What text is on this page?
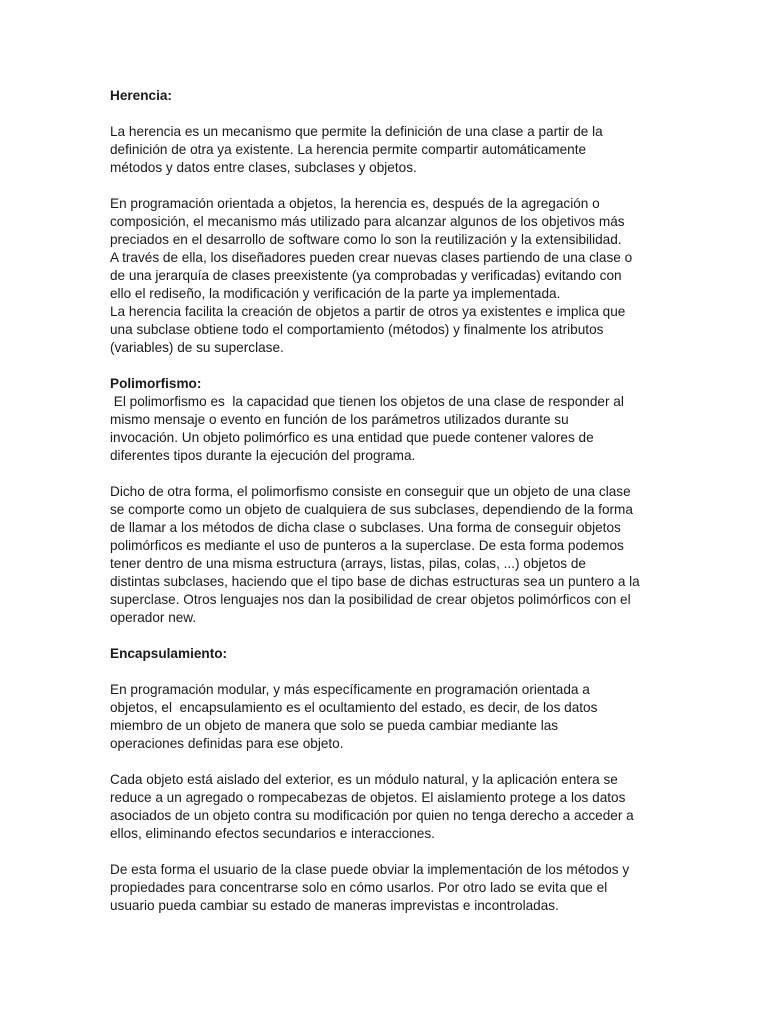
Herencia:
La herencia es un mecanismo que permite la definición de una clase a partir de la
definición de otra ya existente. La herencia permite compartir automáticamente
métodos y datos entre clases, subclases y objetos.
En programación orientada a objetos, la herencia es, después de la agregación o
composición, el mecanismo más utilizado para alcanzar algunos de los objetivos más
preciados en el desarrollo de software como lo son la reutilización y la extensibilidad.
A través de ella, los diseñadores pueden crear nuevas clases partiendo de una clase o
de una jerarquía de clases preexistente (ya comprobadas y verificadas) evitando con
ello el rediseño, la modificación y verificación de la parte ya implementada.
La herencia facilita la creación de objetos a partir de otros ya existentes e implica que
una subclase obtiene todo el comportamiento (métodos) y finalmente los atributos
(variables) de su superclase.
Polimorfismo:
El polimorfismo es  la capacidad que tienen los objetos de una clase de responder al
mismo mensaje o evento en función de los parámetros utilizados durante su
invocación. Un objeto polimórfico es una entidad que puede contener valores de
diferentes tipos durante la ejecución del programa.
Dicho de otra forma, el polimorfismo consiste en conseguir que un objeto de una clase
se comporte como un objeto de cualquiera de sus subclases, dependiendo de la forma
de llamar a los métodos de dicha clase o subclases. Una forma de conseguir objetos
polimórficos es mediante el uso de punteros a la superclase. De esta forma podemos
tener dentro de una misma estructura (arrays, listas, pilas, colas, ...) objetos de
distintas subclases, haciendo que el tipo base de dichas estructuras sea un puntero a la
superclase. Otros lenguajes nos dan la posibilidad de crear objetos polimórficos con el
operador new.
Encapsulamiento:
En programación modular, y más específicamente en programación orientada a
objetos, el  encapsulamiento es el ocultamiento del estado, es decir, de los datos
miembro de un objeto de manera que solo se pueda cambiar mediante las
operaciones definidas para ese objeto.
Cada objeto está aislado del exterior, es un módulo natural, y la aplicación entera se
reduce a un agregado o rompecabezas de objetos. El aislamiento protege a los datos
asociados de un objeto contra su modificación por quien no tenga derecho a acceder a
ellos, eliminando efectos secundarios e interacciones.
De esta forma el usuario de la clase puede obviar la implementación de los métodos y
propiedades para concentrarse solo en cómo usarlos. Por otro lado se evita que el
usuario pueda cambiar su estado de maneras imprevistas e incontroladas.
